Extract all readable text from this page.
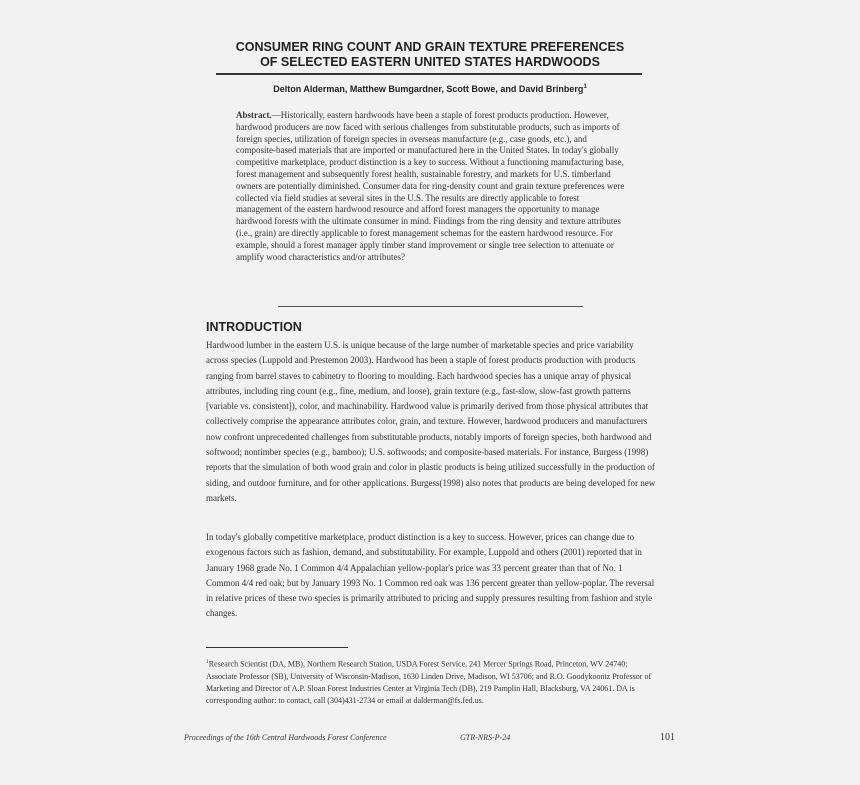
CONSUMER RING COUNT AND GRAIN TEXTURE PREFERENCES
OF SELECTED EASTERN UNITED STATES HARDWOODS
Delton Alderman, Matthew Bumgardner, Scott Bowe, and David Brinberg$^1$
Abstract.—Historically, eastern hardwoods have been a staple of forest products production. However, hardwood producers are now faced with serious challenges from substitutable products, such as imports of foreign species, utilization of foreign species in overseas manufacture (e.g., case goods, etc.), and composite-based materials that are imported or manufactured here in the United States. In today's globally competitive marketplace, product distinction is a key to success. Without a functioning manufacturing base, forest management and subsequently forest health, sustainable forestry, and markets for U.S. timberland owners are potentially diminished. Consumer data for ring-density count and grain texture preferences were collected via field studies at several sites in the U.S. The results are directly applicable to forest management of the eastern hardwood resource and afford forest managers the opportunity to manage hardwood forests with the ultimate consumer in mind. Findings from the ring density and texture attributes (i.e., grain) are directly applicable to forest management schemas for the eastern hardwood resource. For example, should a forest manager apply timber stand improvement or single tree selection to attenuate or amplify wood characteristics and/or attributes?
INTRODUCTION
Hardwood lumber in the eastern U.S. is unique because of the large number of marketable species and price variability across species (Luppold and Prestemon 2003). Hardwood has been a staple of forest products production with products ranging from barrel staves to cabinetry to flooring to moulding. Each hardwood species has a unique array of physical attributes, including ring count (e.g., fine, medium, and loose), grain texture (e.g., fast-slow, slow-fast growth patterns [variable vs. consistent]), color, and machinability. Hardwood value is primarily derived from those physical attributes that collectively comprise the appearance attributes color, grain, and texture. However, hardwood producers and manufacturers now confront unprecedented challenges from substitutable products, notably imports of foreign species, both hardwood and softwood; nontimber species (e.g., bamboo); U.S. softwoods; and composite-based materials. For instance, Burgess (1998) reports that the simulation of both wood grain and color in plastic products is being utilized successfully in the production of siding, and outdoor furniture, and for other applications. Burgess(1998) also notes that products are being developed for new markets.
In today's globally competitive marketplace, product distinction is a key to success. However, prices can change due to exogenous factors such as fashion, demand, and substitutability. For example, Luppold and others (2001) reported that in January 1968 grade No. 1 Common 4/4 Appalachian yellow-poplar's price was 33 percent greater than that of No. 1 Common 4/4 red oak; but by January 1993 No. 1 Common red oak was 136 percent greater than yellow-poplar. The reversal in relative prices of these two species is primarily attributed to pricing and supply pressures resulting from fashion and style changes.
$^1$Research Scientist (DA, MB), Northern Research Station, USDA Forest Service, 241 Mercer Springs Road, Princeton, WV 24740; Associate Professor (SB), University of Wisconsin-Madison, 1630 Linden Drive, Madison, WI 53706; and R.O. Goodykoontz Professor of Marketing and Director of A.P. Sloan Forest Industries Center at Virginia Tech (DB), 219 Pamplin Hall, Blacksburg, VA 24061. DA is corresponding author: to contact, call (304)431-2734 or email at dalderman@fs.fed.us.
Proceedings of the 16th Central Hardwoods Forest Conference	GTR-NRS-P-24	101
